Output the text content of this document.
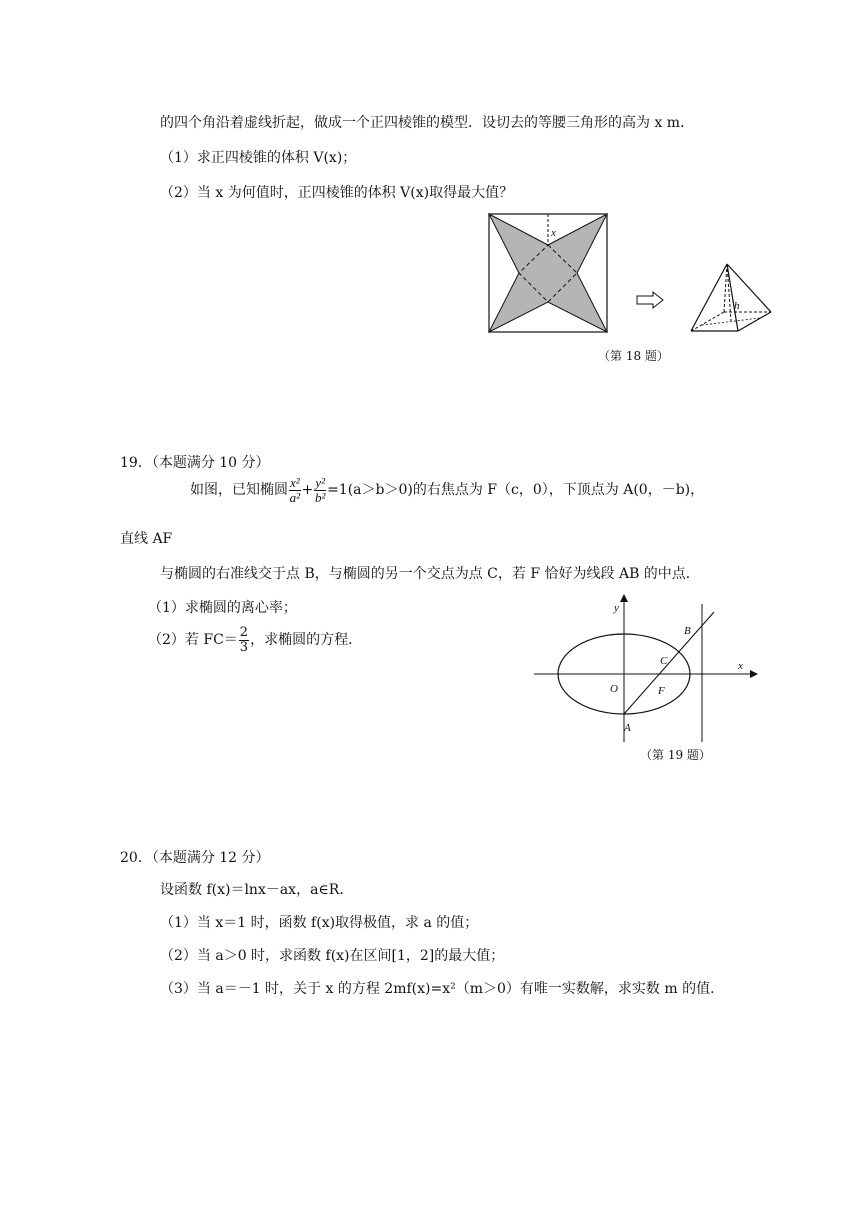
的四个角沿着虚线折起，做成一个正四棱锥的模型．设切去的等腰三角形的高为 x m．
（1）求正四棱锥的体积 V(x)；
（2）当 x 为何值时，正四棱锥的体积 V(x)取得最大值？
x
h
（第 18 题）
19．（本题满分 10 分）
如图，已知椭圆 $\frac{\text{x²}}{\text{a²}} + \frac{\text{y²}}{\text{b²}} =1(a>b>0)$的右焦点为 F（c，0），下顶点为 A(0，－b)，
直线 AF
与椭圆的右准线交于点 B，与椭圆的另一个交点为点 C，若 F 恰好为线段 AB 的中点．
（1）求椭圆的离心率；
（2）若 $FC= \frac{2}{3}$ ，求椭圆的方程．
y
x
B
C
O	F
A
（第 19 题）
20．（本题满分 12 分）
设函数 f(x)＝lnx－ax，a∈R．
（1）当 x＝1 时，函数 f(x)取得极值，求 a 的值；
（2）当 a＞0 时，求函数 f(x)在区间[1，2]的最大值；
（3）当 a＝－1 时，关于 x 的方程 2mf(x)=x²（m＞0）有唯一实数解，求实数 m 的值．
